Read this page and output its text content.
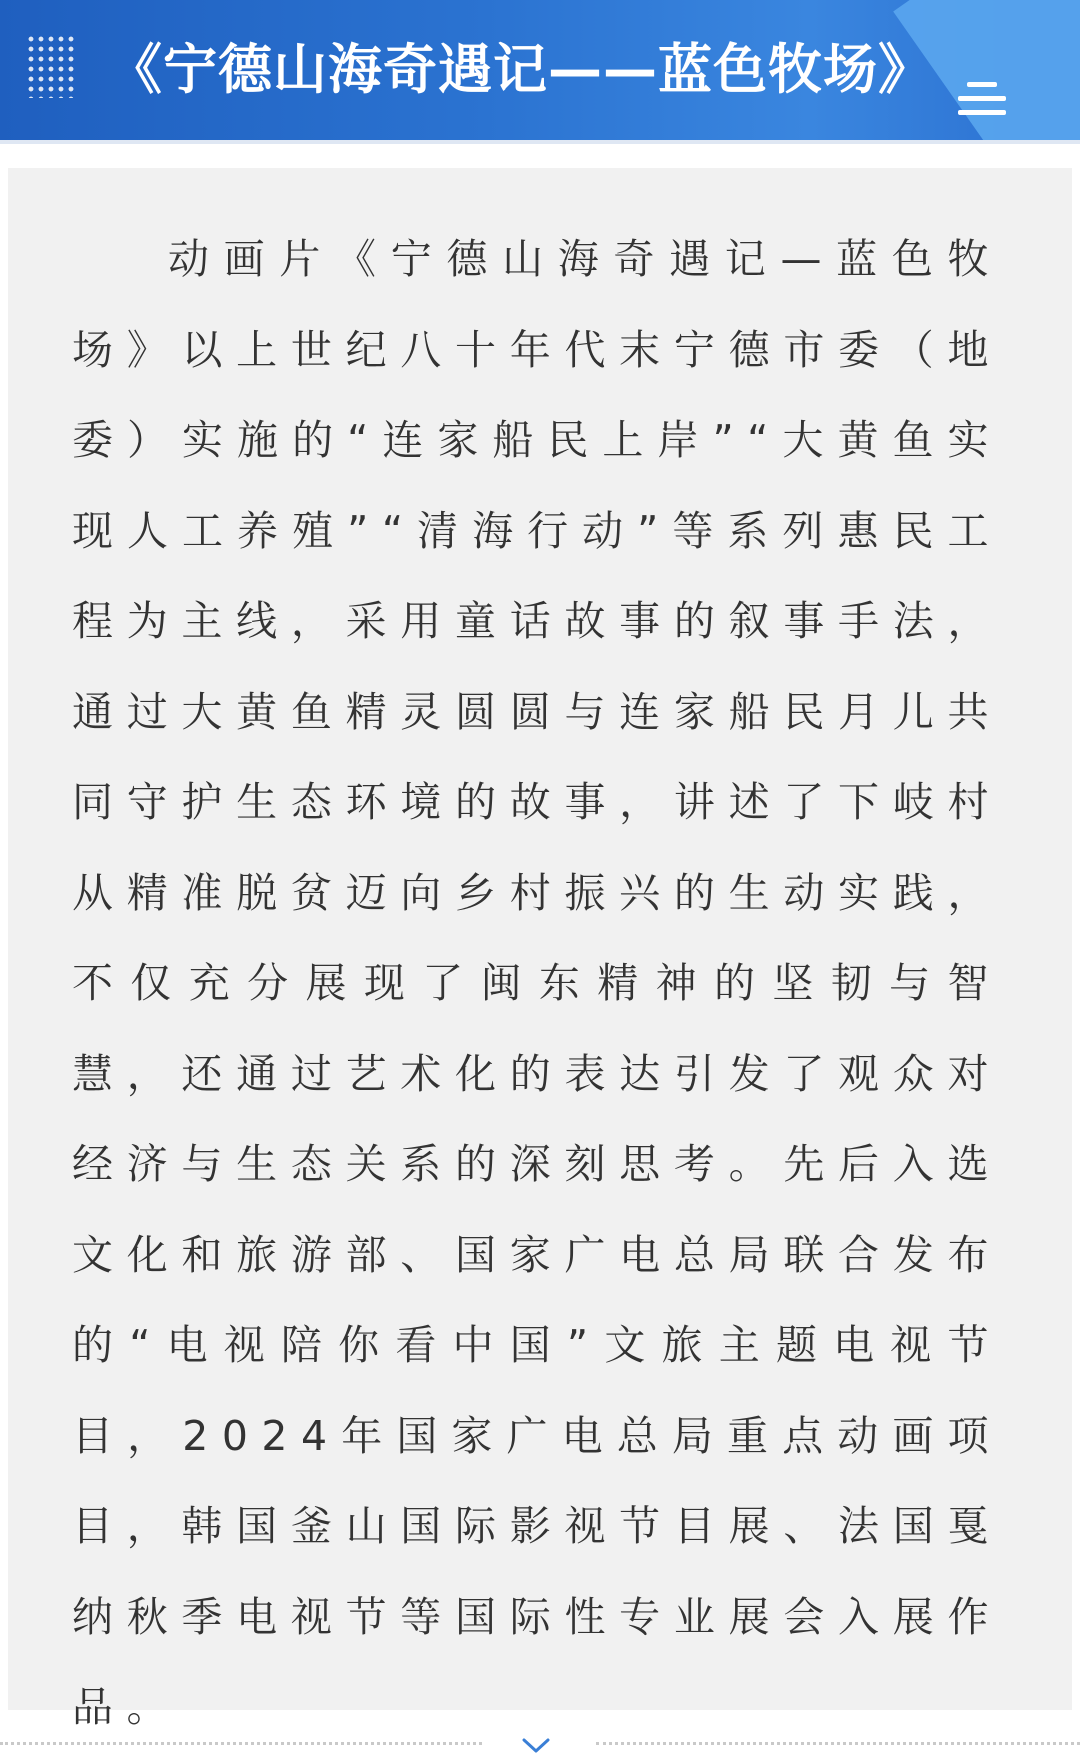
《宁德山海奇遇记——蓝色牧场》

动画片《宁德山海奇遇记—蓝色牧场》以上世纪八十年代末宁德市委（地委）实施的“连家船民上岸”“大黄鱼实现人工养殖”“清海行动”等系列惠民工程为主线，采用童话故事的叙事手法，通过大黄鱼精灵圆圆与连家船民月儿共同守护生态环境的故事，讲述了下岐村从精准脱贫迈向乡村振兴的生动实践，不仅充分展现了闽东精神的坚韧与智慧，还通过艺术化的表达引发了观众对经济与生态关系的深刻思考。先后入选文化和旅游部、国家广电总局联合发布的“电视陪你看中国”文旅主题电视节目，2024年国家广电总局重点动画项目，韩国釜山国际影视节目展、法国戛纳秋季电视节等国际性专业展会入展作品。
